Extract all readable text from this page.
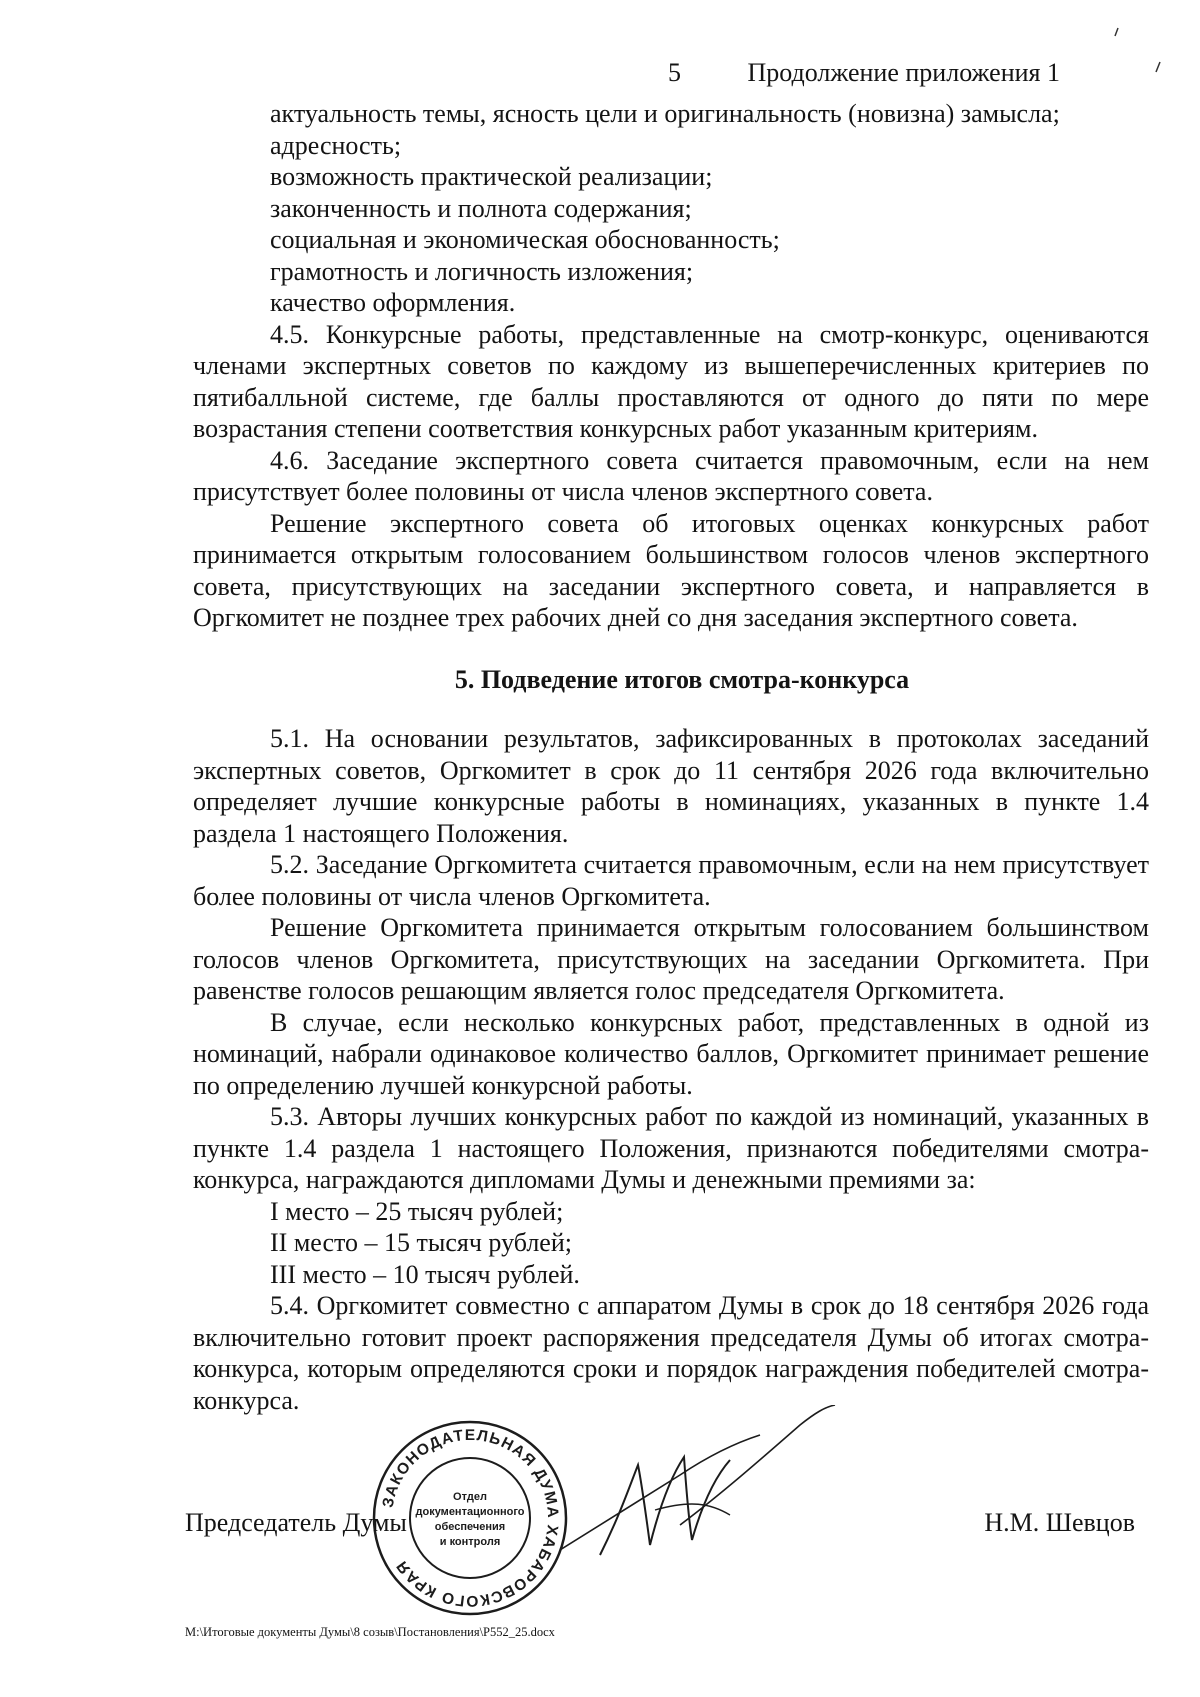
5	Продолжение приложения 1

актуальность темы, ясность цели и оригинальность (новизна) замысла;

адресность;

возможность практической реализации;

законченность и полнота содержания;

социальная и экономическая обоснованность;

грамотность и логичность изложения;

качество оформления.

4.5. Конкурсные работы, представленные на смотр-конкурс, оцениваются членами экспертных советов по каждому из вышеперечисленных критериев по пятибалльной системе, где баллы проставляются от одного до пяти по мере возрастания степени соответствия конкурсных работ указанным критериям.

4.6. Заседание экспертного совета считается правомочным, если на нем присутствует более половины от числа членов экспертного совета.

Решение экспертного совета об итоговых оценках конкурсных работ принимается открытым голосованием большинством голосов членов экспертного совета, присутствующих на заседании экспертного совета, и направляется в Оргкомитет не позднее трех рабочих дней со дня заседания экспертного совета.

5. Подведение итогов смотра-конкурса

5.1. На основании результатов, зафиксированных в протоколах заседаний экспертных советов, Оргкомитет в срок до 11 сентября 2026 года включительно определяет лучшие конкурсные работы в номинациях, указанных в пункте 1.4 раздела 1 настоящего Положения.

5.2. Заседание Оргкомитета считается правомочным, если на нем присутствует более половины от числа членов Оргкомитета.

Решение Оргкомитета принимается открытым голосованием большинством голосов членов Оргкомитета, присутствующих на заседании Оргкомитета. При равенстве голосов решающим является голос председателя Оргкомитета.

В случае, если несколько конкурсных работ, представленных в одной из номинаций, набрали одинаковое количество баллов, Оргкомитет принимает решение по определению лучшей конкурсной работы.

5.3. Авторы лучших конкурсных работ по каждой из номинаций, указанных в пункте 1.4 раздела 1 настоящего Положения, признаются победителями смотра-конкурса, награждаются дипломами Думы и денежными премиями за:

I место – 25 тысяч рублей;

II место – 15 тысяч рублей;

III место – 10 тысяч рублей.

5.4. Оргкомитет совместно с аппаратом Думы в срок до 18 сентября 2026 года включительно готовит проект распоряжения председателя Думы об итогах смотра-конкурса, которым определяются сроки и порядок награждения победителей смотра-конкурса.

ЗАКОНОДАТЕЛЬНАЯ ДУМА ХАБАРОВСКОГО КРАЯ
Отдел
документационного
обеспечения
и контроля
Председатель Думы	Н.М. Шевцов
M:\Итоговые документы Думы\8 созыв\Постановления\P552_25.docx
